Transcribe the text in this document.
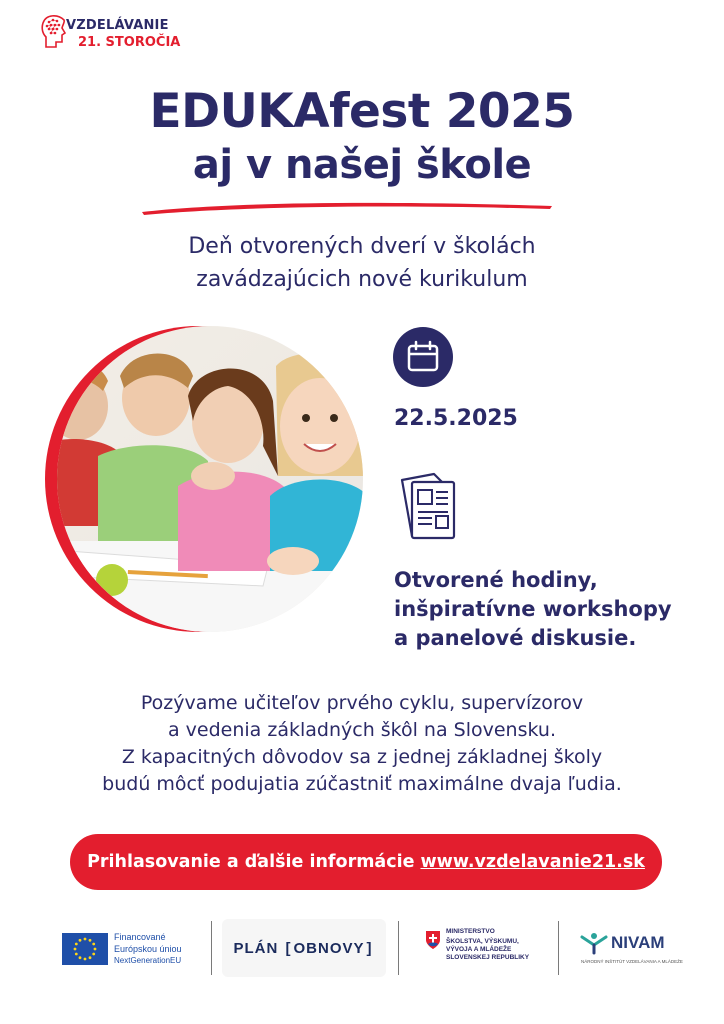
VZDELÁVANIE
21. STOROČIA
EDUKAfest 2025
aj v našej škole
Deň otvorených dverí v školách
zavádzajúcich nové kurikulum
22.5.2025
Otvorené hodiny,
inšpiratívne workshopy
a panelové diskusie.
Pozývame učiteľov prvého cyklu, supervízorov
a vedenia základných škôl na Slovensku.
Z kapacitných dôvodov sa z jednej základnej školy
budú môcť podujatia zúčastniť maximálne dvaja ľudia.
Prihlasovanie a ďalšie informácie www.vzdelavanie21.sk
Financované
Európskou úniou
NextGenerationEU
PLÁN [ OBNOVY ]
MINISTERSTVO
ŠKOLSTVA, VÝSKUMU,
VÝVOJA A MLÁDEŽE
SLOVENSKEJ REPUBLIKY
NIVAM
NÁRODNÝ INŠTITÚT VZDELÁVANIA A MLÁDEŽE
